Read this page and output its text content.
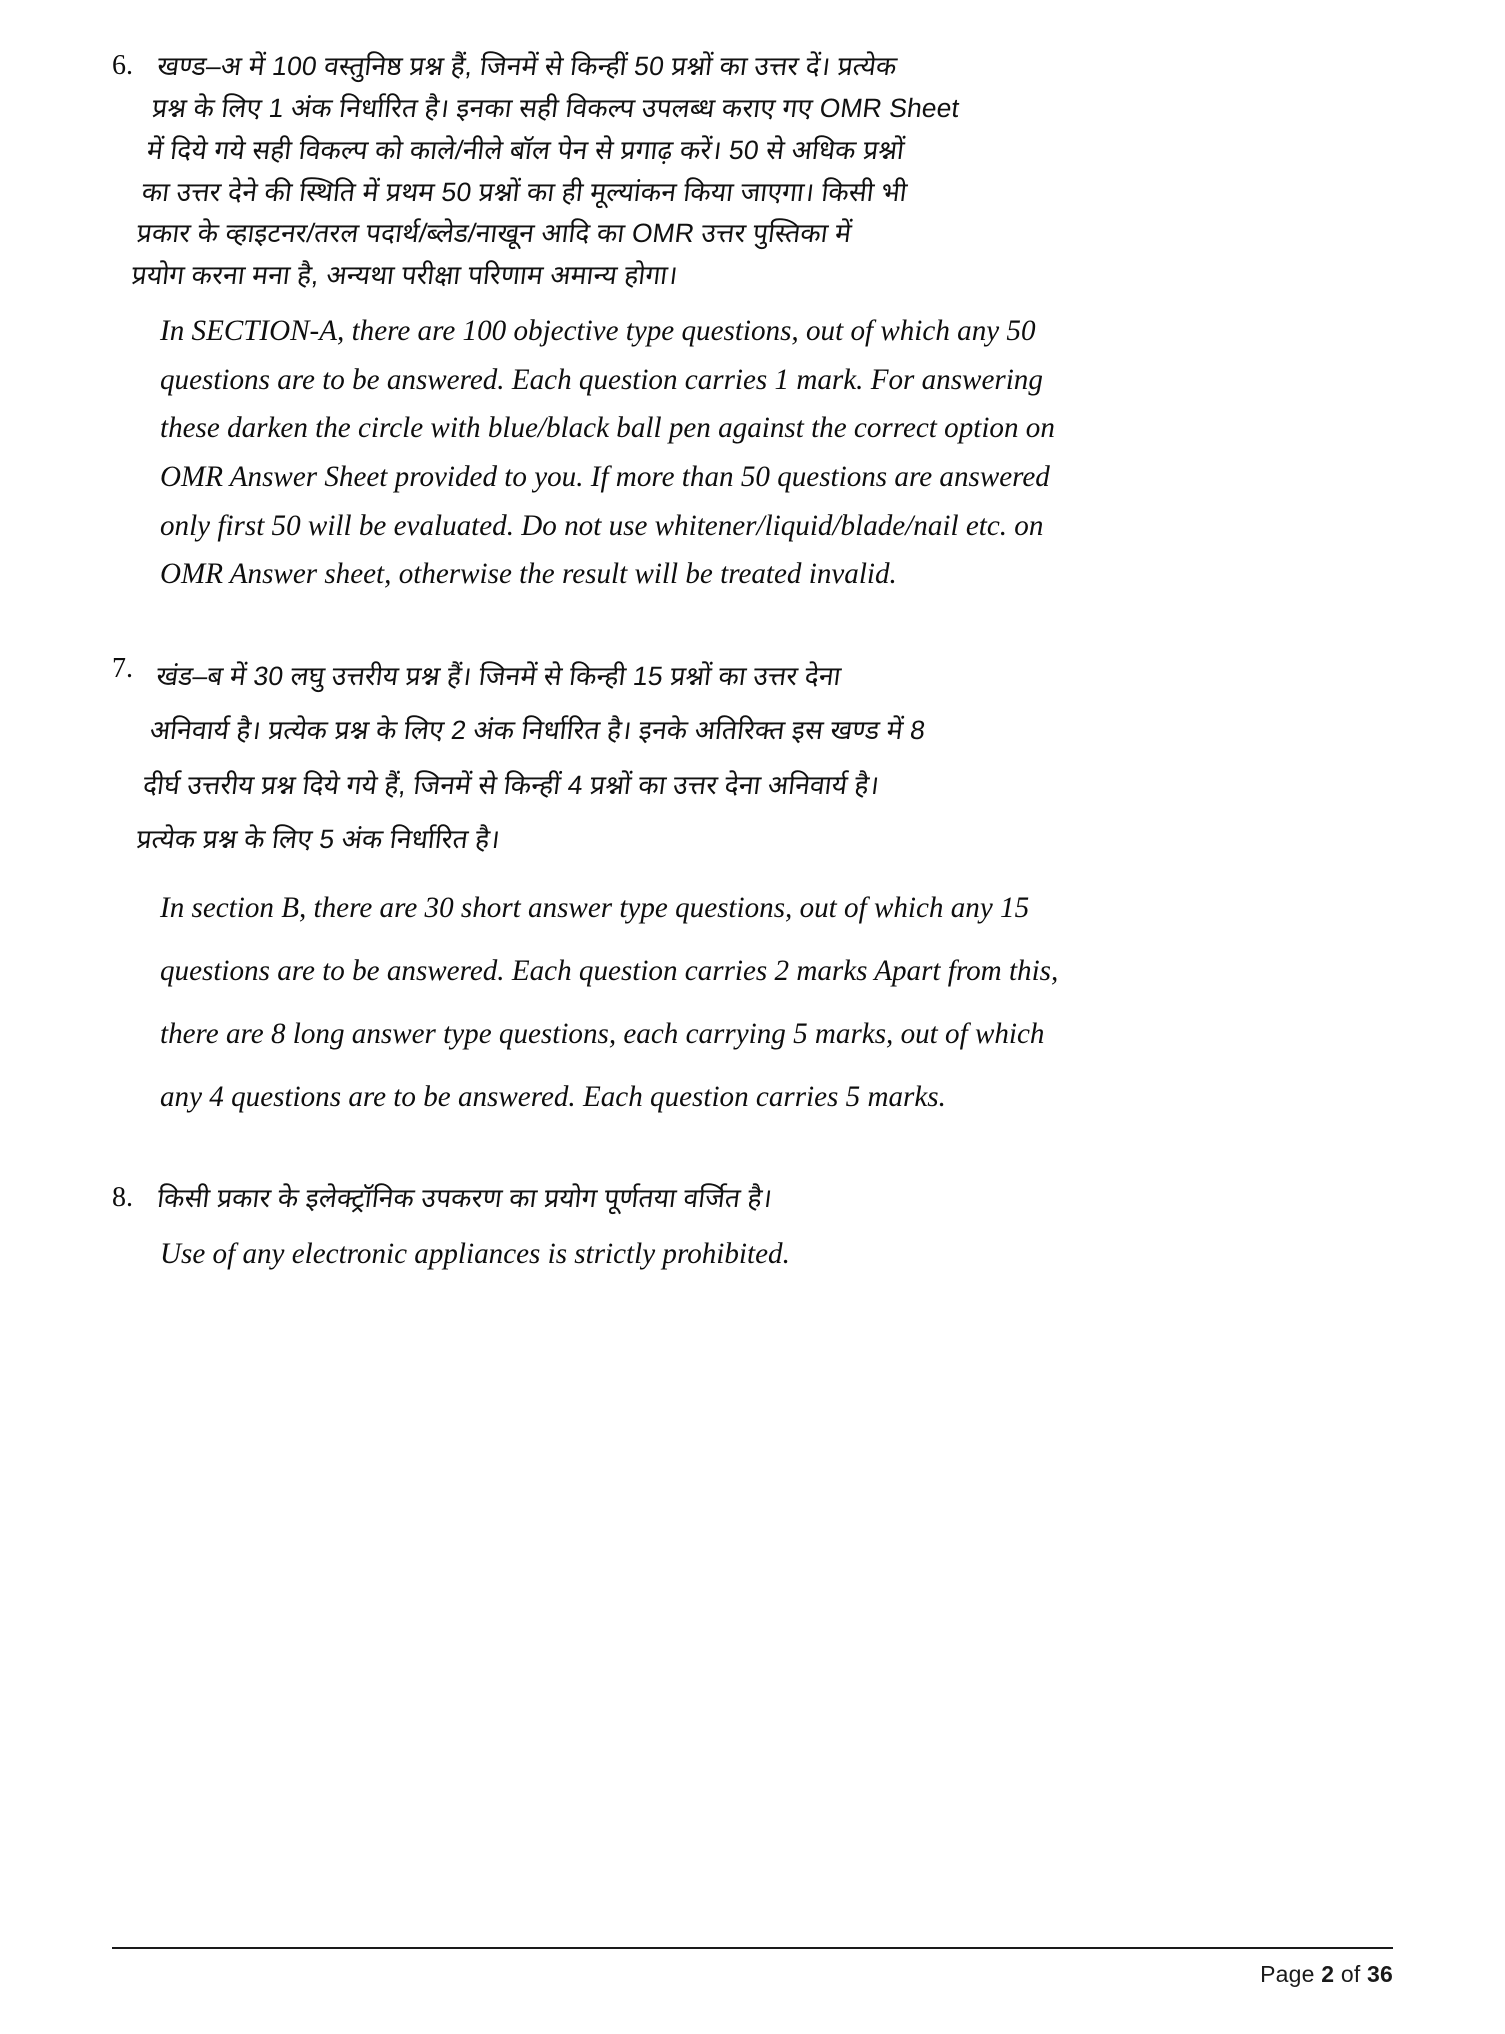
6. खण्ड–अ में 100 वस्तुनिष्ठ प्रश्न हैं, जिनमें से किन्हीं 50 प्रश्नों का उत्तर दें। प्रत्येक
प्रश्न के लिए 1 अंक निर्धारित है। इनका सही विकल्प उपलब्ध कराए गए OMR Sheet
में दिये गये सही विकल्प को काले/नीले बॉल पेन से प्रगाढ़ करें। 50 से अधिक प्रश्नों
का उत्तर देने की स्थिति में प्रथम 50 प्रश्नों का ही मूल्यांकन किया जाएगा। किसी भी
प्रकार के व्हाइटनर/तरल पदार्थ/ब्लेड/नाखून आदि का OMR उत्तर पुस्तिका में
प्रयोग करना मना है, अन्यथा परीक्षा परिणाम अमान्य होगा।
In SECTION-A, there are 100 objective type questions, out of which any 50
questions are to be answered. Each question carries 1 mark. For answering
these darken the circle with blue/black ball pen against the correct option on
OMR Answer Sheet provided to you. If more than 50 questions are answered
only first 50 will be evaluated. Do not use whitener/liquid/blade/nail etc. on
OMR Answer sheet, otherwise the result will be treated invalid.
7. खंड–ब में 30 लघु उत्तरीय प्रश्न हैं। जिनमें से किन्ही 15 प्रश्नों का उत्तर देना
अनिवार्य है। प्रत्येक प्रश्न के लिए 2 अंक निर्धारित है। इनके अतिरिक्त इस खण्ड में 8
दीर्घ उत्तरीय प्रश्न दिये गये हैं, जिनमें से किन्हीं 4 प्रश्नों का उत्तर देना अनिवार्य है।
प्रत्येक प्रश्न के लिए 5 अंक निर्धारित है।
In section B, there are 30 short answer type questions, out of which any 15
questions are to be answered. Each question carries 2 marks Apart from this,
there are 8 long answer type questions, each carrying 5 marks, out of which
any 4 questions are to be answered. Each question carries 5 marks.
8. किसी प्रकार के इलेक्ट्रॉनिक उपकरण का प्रयोग पूर्णतया वर्जित है।
Use of any electronic appliances is strictly prohibited.
Page 2 of 36
